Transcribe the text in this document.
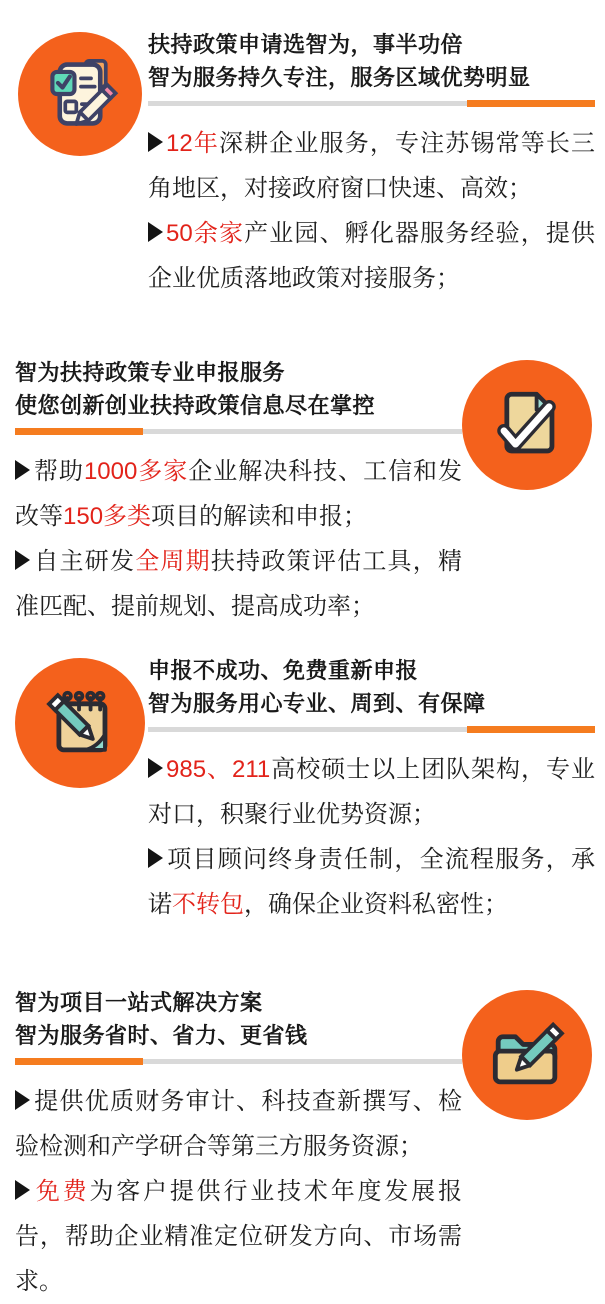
扶持政策申请选智为，事半功倍
智为服务持久专注，服务区域优势明显

12年深耕企业服务，专注苏锡常等长三角地区，对接政府窗口快速、高效；

50余家产业园、孵化器服务经验，提供企业优质落地政策对接服务；

智为扶持政策专业申报服务
使您创新创业扶持政策信息尽在掌控

帮助1000多家企业解决科技、工信和发改等150多类项目的解读和申报；

自主研发全周期扶持政策评估工具，精准匹配、提前规划、提高成功率；

申报不成功、免费重新申报
智为服务用心专业、周到、有保障

985、211高校硕士以上团队架构，专业对口，积聚行业优势资源；

项目顾问终身责任制，全流程服务，承诺不转包，确保企业资料私密性；

智为项目一站式解决方案
智为服务省时、省力、更省钱

提供优质财务审计、科技查新撰写、检验检测和产学研合等第三方服务资源；

免费为客户提供行业技术年度发展报告，帮助企业精准定位研发方向、市场需求。
